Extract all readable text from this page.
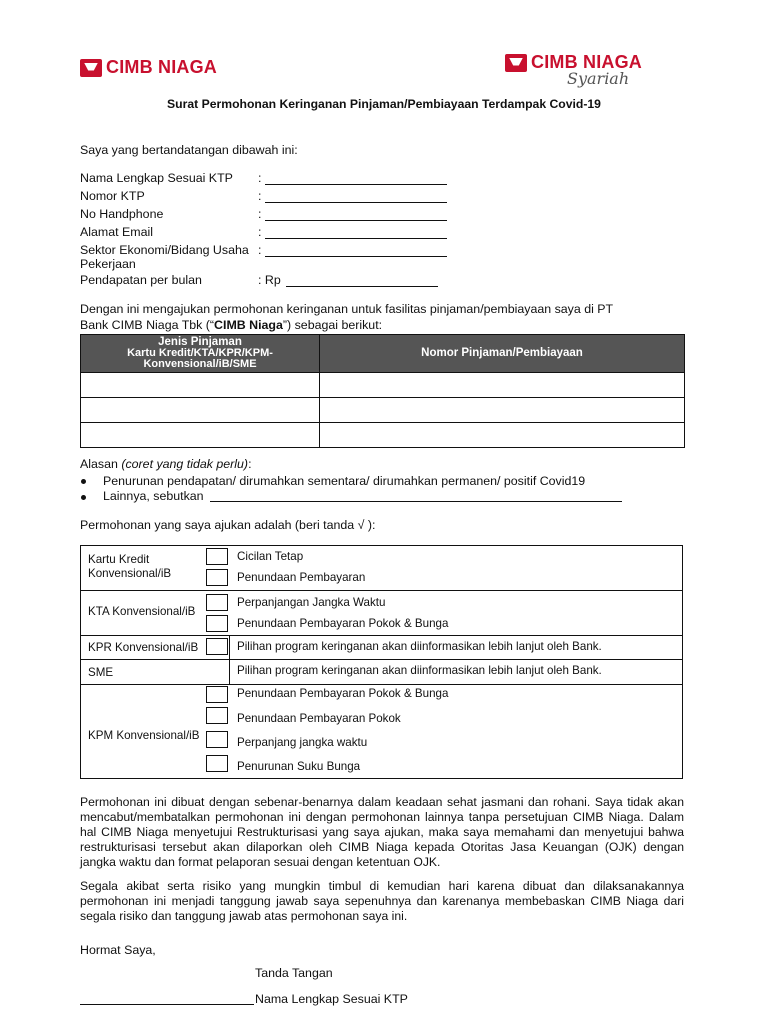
CIMB NIAGA	CIMB NIAGA
Syariah
Surat Permohonan Keringanan Pinjaman/Pembiayaan Terdampak Covid-19
Saya yang bertandatangan dibawah ini:
Nama Lengkap Sesuai KTP :
Nomor KTP	:
No Handphone	:
Alamat Email	:
Sektor Ekonomi/Bidang Usaha :
Pekerjaan
Pendapatan per bulan	: Rp
Dengan ini mengajukan permohonan keringanan untuk fasilitas pinjaman/pembiayaan saya di PT
Bank CIMB Niaga Tbk (“CIMB Niaga”) sebagai berikut:
Jenis Pinjaman
Kartu Kredit/KTA/KPR/KPM-
Konvensional/iB/SME	Nomor Pinjaman/Pembiayaan

Alasan (coret yang tidak perlu):
Penurunan pendapatan/ dirumahkan sementara/ dirumahkan permanen/ positif Covid19
Lainnya, sebutkan
Permohonan yang saya ajukan adalah (beri tanda √ ):
Kartu Kredit
Konvensional/iB
Cicilan Tetap
Penundaan Pembayaran
KTA Konvensional/iB
Perpanjangan Jangka Waktu
Penundaan Pembayaran Pokok & Bunga
KPR Konvensional/iB	Pilihan program keringanan akan diinformasikan lebih lanjut oleh Bank.
SME	Pilihan program keringanan akan diinformasikan lebih lanjut oleh Bank.
KPM Konvensional/iB
Penundaan Pembayaran Pokok & Bunga
Penundaan Pembayaran Pokok
Perpanjang jangka waktu
Penurunan Suku Bunga
Permohonan ini dibuat dengan sebenar-benarnya dalam keadaan sehat jasmani dan rohani. Saya tidak akan mencabut/membatalkan permohonan ini dengan permohonan lainnya tanpa persetujuan CIMB Niaga. Dalam hal CIMB Niaga menyetujui Restrukturisasi yang saya ajukan, maka saya memahami dan menyetujui bahwa restrukturisasi tersebut akan dilaporkan oleh CIMB Niaga kepada Otoritas Jasa Keuangan (OJK) dengan jangka waktu dan format pelaporan sesuai dengan ketentuan OJK.
Segala akibat serta risiko yang mungkin timbul di kemudian hari karena dibuat dan dilaksanakannya permohonan ini menjadi tanggung jawab saya sepenuhnya dan karenanya membebaskan CIMB Niaga dari segala risiko dan tanggung jawab atas permohonan saya ini.
Hormat Saya,
Tanda Tangan
Nama Lengkap Sesuai KTP
